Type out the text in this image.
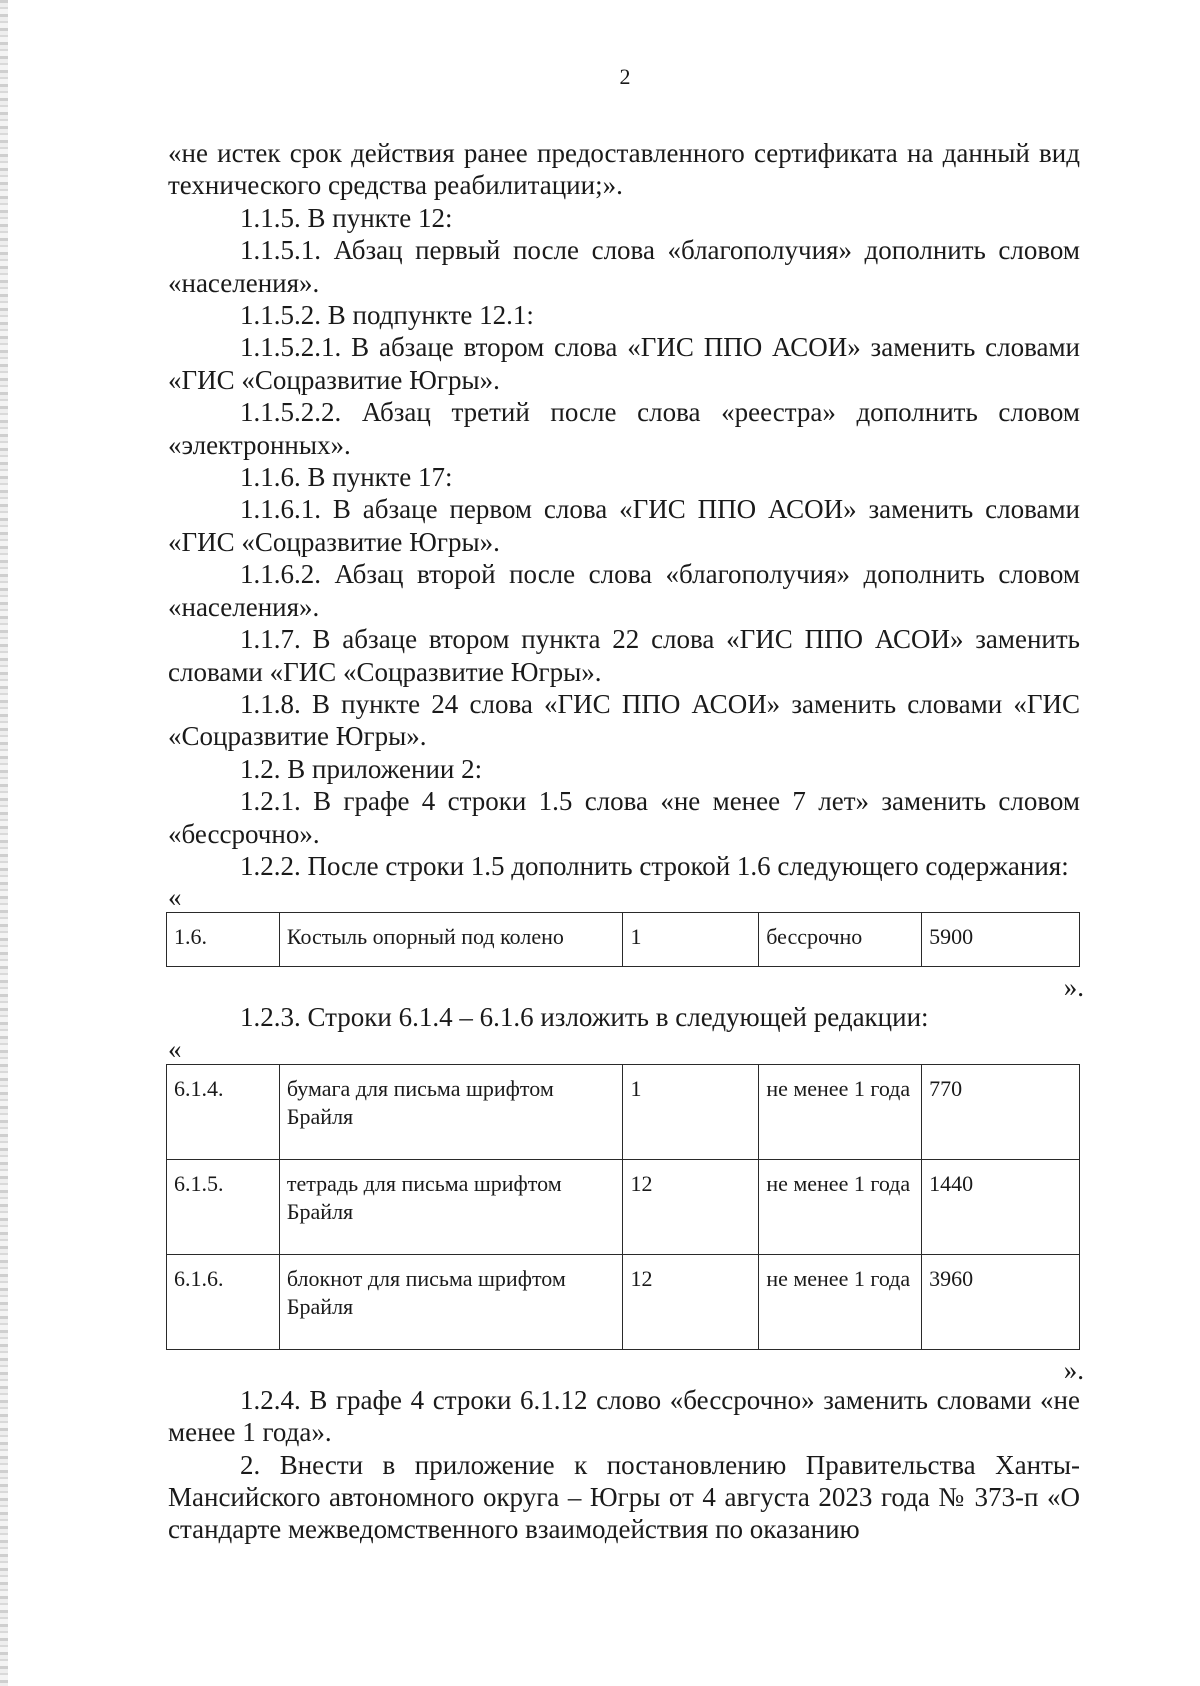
2
«не истек срок действия ранее предоставленного сертификата на данный вид технического средства реабилитации;».
1.1.5. В пункте 12:
1.1.5.1. Абзац первый после слова «благополучия» дополнить словом «населения».
1.1.5.2. В подпункте 12.1:
1.1.5.2.1. В абзаце втором слова «ГИС ППО АСОИ» заменить словами «ГИС «Соцразвитие Югры».
1.1.5.2.2. Абзац третий после слова «реестра» дополнить словом «электронных».
1.1.6. В пункте 17:
1.1.6.1. В абзаце первом слова «ГИС ППО АСОИ» заменить словами «ГИС «Соцразвитие Югры».
1.1.6.2. Абзац второй после слова «благополучия» дополнить словом «населения».
1.1.7. В абзаце втором пункта 22 слова «ГИС ППО АСОИ» заменить словами «ГИС «Соцразвитие Югры».
1.1.8. В пункте 24 слова «ГИС ППО АСОИ» заменить словами «ГИС «Соцразвитие Югры».
1.2. В приложении 2:
1.2.1. В графе 4 строки 1.5 слова «не менее 7 лет» заменить словом «бессрочно».
1.2.2. После строки 1.5 дополнить строкой 1.6 следующего содержания:
«
1.6.	Костыль опорный под колено	1	бессрочно	5900
».
1.2.3. Строки 6.1.4 – 6.1.6 изложить в следующей редакции:
«
6.1.4.	бумага для письма шрифтом Брайля	1	не менее 1 года	770
6.1.5.	тетрадь для письма шрифтом Брайля	12	не менее 1 года	1440
6.1.6.	блокнот для письма шрифтом Брайля	12	не менее 1 года	3960
».
1.2.4. В графе 4 строки 6.1.12 слово «бессрочно» заменить словами «не менее 1 года».
2. Внести в приложение к постановлению Правительства Ханты-Мансийского автономного округа – Югры от 4 августа 2023 года № 373-п «О стандарте межведомственного взаимодействия по оказанию
